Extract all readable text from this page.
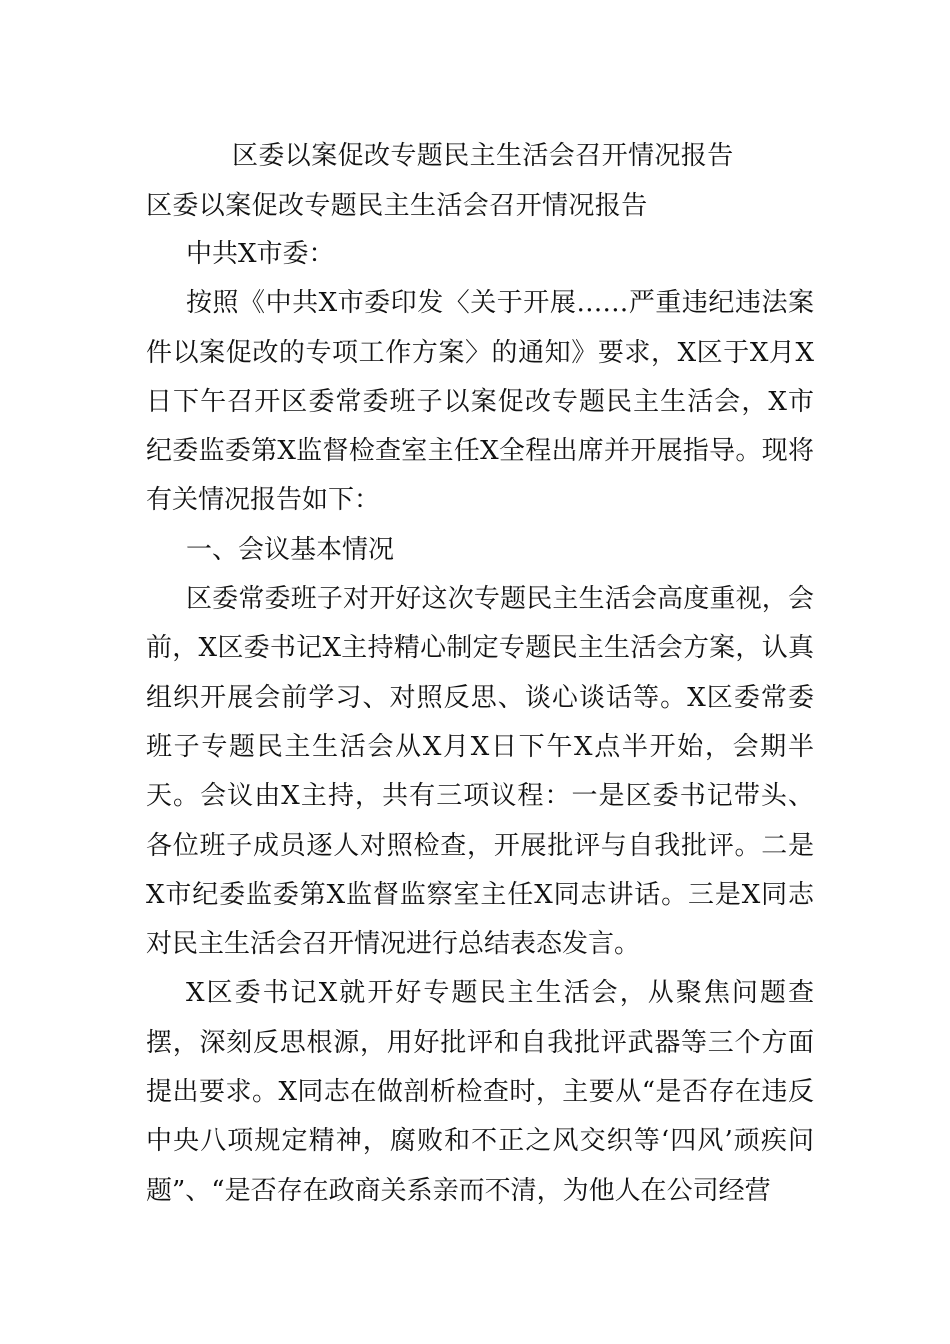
区委以案促改专题民主生活会召开情况报告
区委以案促改专题民主生活会召开情况报告

中共X市委：

按照《中共X市委印发〈关于开展……严重违纪违法案件以案促改的专项工作方案〉的通知》要求，X区于X月X日下午召开区委常委班子以案促改专题民主生活会，X市纪委监委第X监督检查室主任X全程出席并开展指导。现将有关情况报告如下：

一、会议基本情况

区委常委班子对开好这次专题民主生活会高度重视，会前，X区委书记X主持精心制定专题民主生活会方案，认真组织开展会前学习、对照反思、谈心谈话等。X区委常委班子专题民主生活会从X月X日下午X点半开始，会期半天。会议由X主持，共有三项议程：一是区委书记带头、各位班子成员逐人对照检查，开展批评与自我批评。二是X市纪委监委第X监督监察室主任X同志讲话。三是X同志对民主生活会召开情况进行总结表态发言。

X区委书记X就开好专题民主生活会，从聚焦问题查摆，深刻反思根源，用好批评和自我批评武器等三个方面提出要求。X同志在做剖析检查时，主要从“是否存在违反中央八项规定精神，腐败和不正之风交织等‘四风’顽疾问题”、“是否存在政商关系亲而不清，为他人在公司经营
